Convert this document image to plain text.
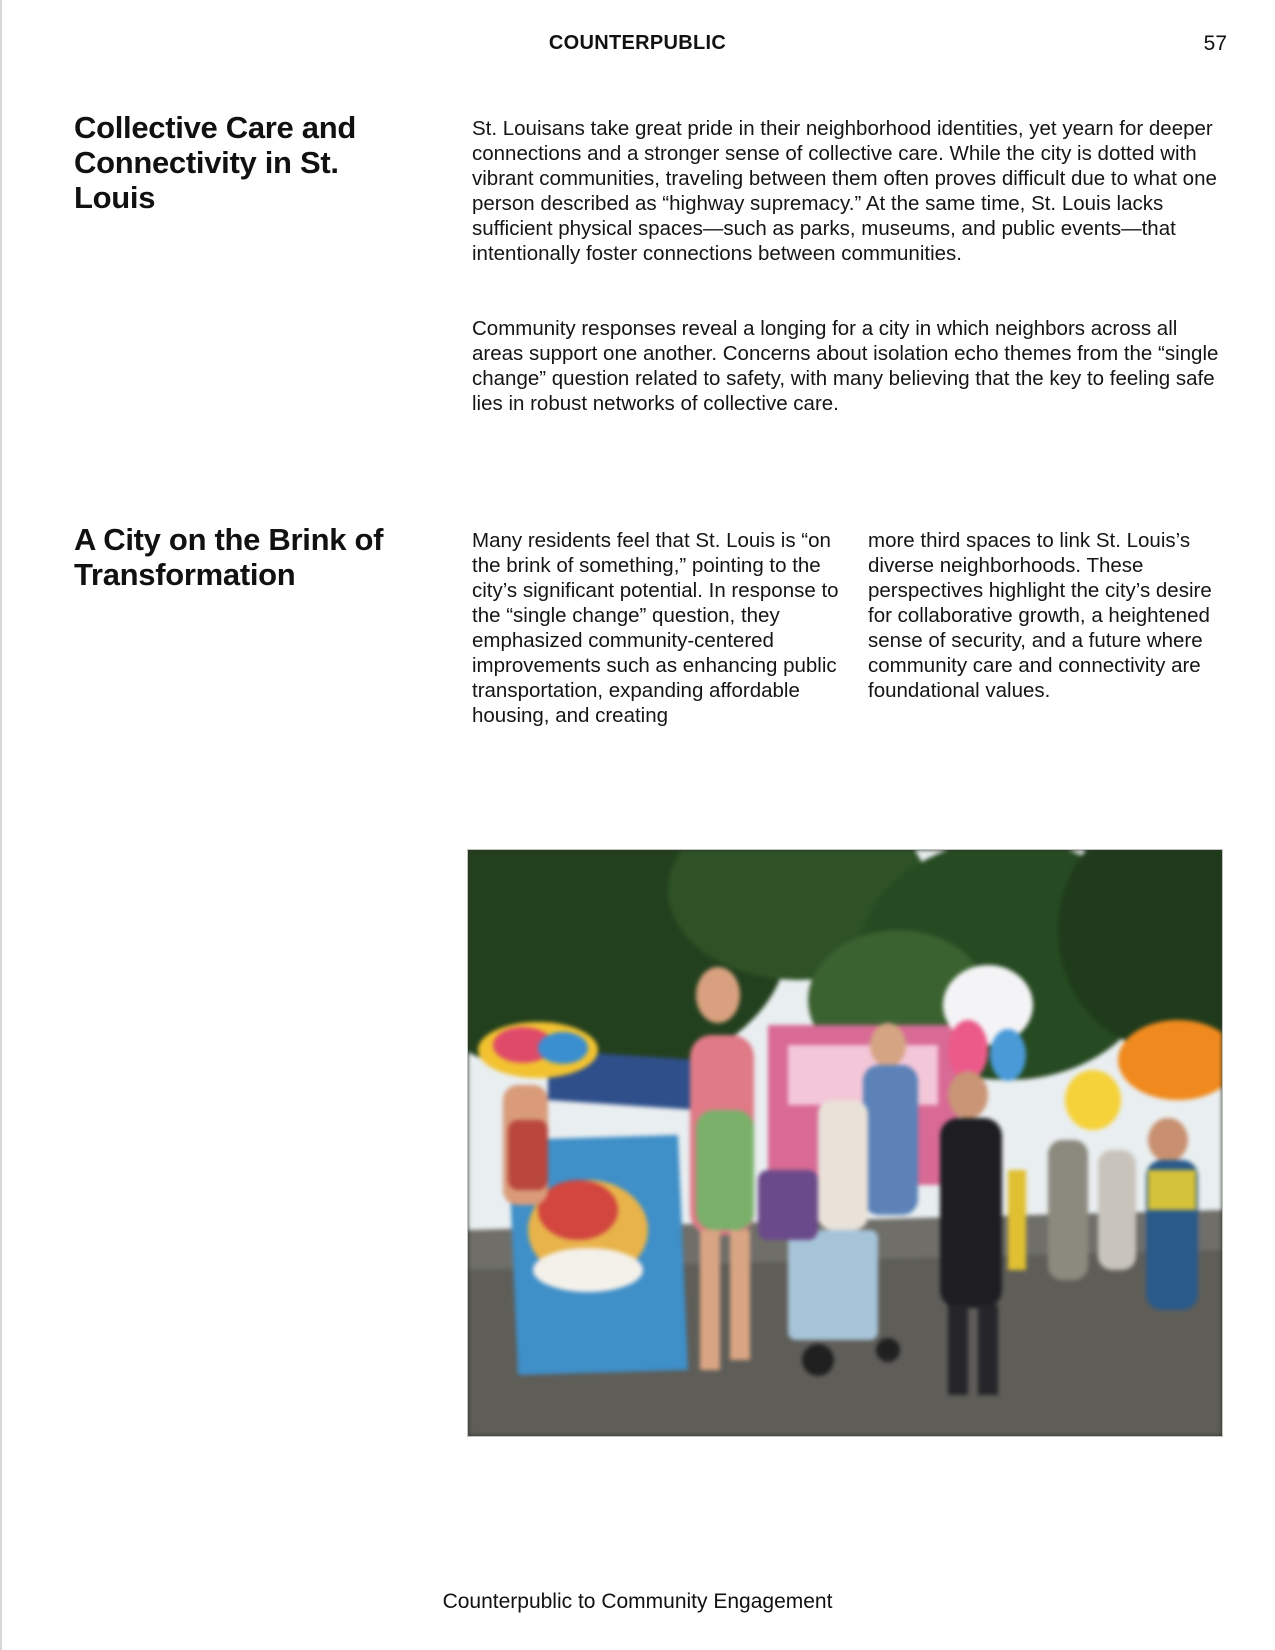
COUNTERPUBLIC	57
Collective Care and Connectivity in St. Louis

St. Louisans take great pride in their neighborhood identities, yet yearn for deeper connections and a stronger sense of collective care. While the city is dotted with vibrant communities, traveling between them often proves difficult due to what one person described as “highway supremacy.” At the same time, St. Louis lacks sufficient physical spaces—such as parks, museums, and public events—that intentionally foster connections between communities.

Community responses reveal a longing for a city in which neighbors across all areas support one another. Concerns about isolation echo themes from the “single change” question related to safety, with many believing that the key to feeling safe lies in robust networks of collective care.

A City on the Brink of Transformation

Many residents feel that St. Louis is “on the brink of something,” pointing to the city’s significant potential. In response to the “single change” question, they emphasized community-centered improvements such as enhancing public transportation, expanding affordable housing, and creating

more third spaces to link St. Louis’s diverse neighborhoods. These perspectives highlight the city’s desire for collaborative growth, a heightened sense of security, and a future where community care and connectivity are foundational values.

Counterpublic to Community Engagement
